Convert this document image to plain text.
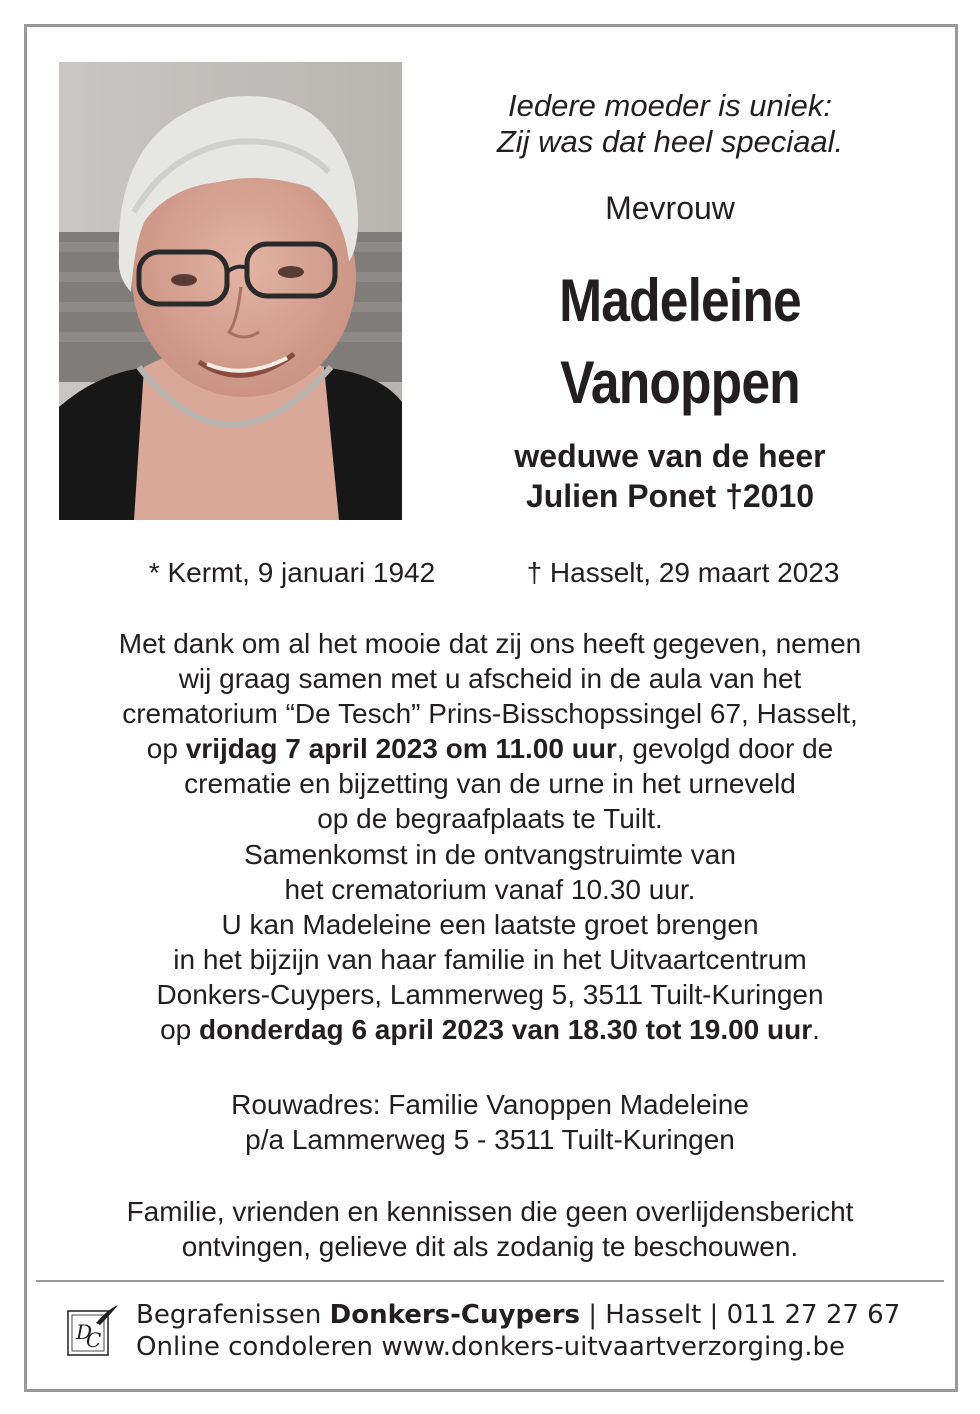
Iedere moeder is uniek:
Zij was dat heel speciaal.
Mevrouw
Madeleine
Vanoppen
weduwe van de heer
Julien Ponet †2010
* Kermt, 9 januari 1942	† Hasselt, 29 maart 2023
Met dank om al het mooie dat zij ons heeft gegeven, nemen
wij graag samen met u afscheid in de aula van het
crematorium “De Tesch” Prins-Bisschopssingel 67, Hasselt,
op vrijdag 7 april 2023 om 11.00 uur, gevolgd door de
crematie en bijzetting van de urne in het urneveld
op de begraafplaats te Tuilt.
Samenkomst in de ontvangstruimte van
het crematorium vanaf 10.30 uur.
U kan Madeleine een laatste groet brengen
in het bijzijn van haar familie in het Uitvaartcentrum
Donkers-Cuypers, Lammerweg 5, 3511 Tuilt-Kuringen
op donderdag 6 april 2023 van 18.30 tot 19.00 uur.
Rouwadres: Familie Vanoppen Madeleine
p/a Lammerweg 5 - 3511 Tuilt-Kuringen
Familie, vrienden en kennissen die geen overlijdensbericht
ontvingen, gelieve dit als zodanig te beschouwen.
D
C
Begrafenissen Donkers-Cuypers | Hasselt | 011 27 27 67
Online condoleren www.donkers-uitvaartverzorging.be
